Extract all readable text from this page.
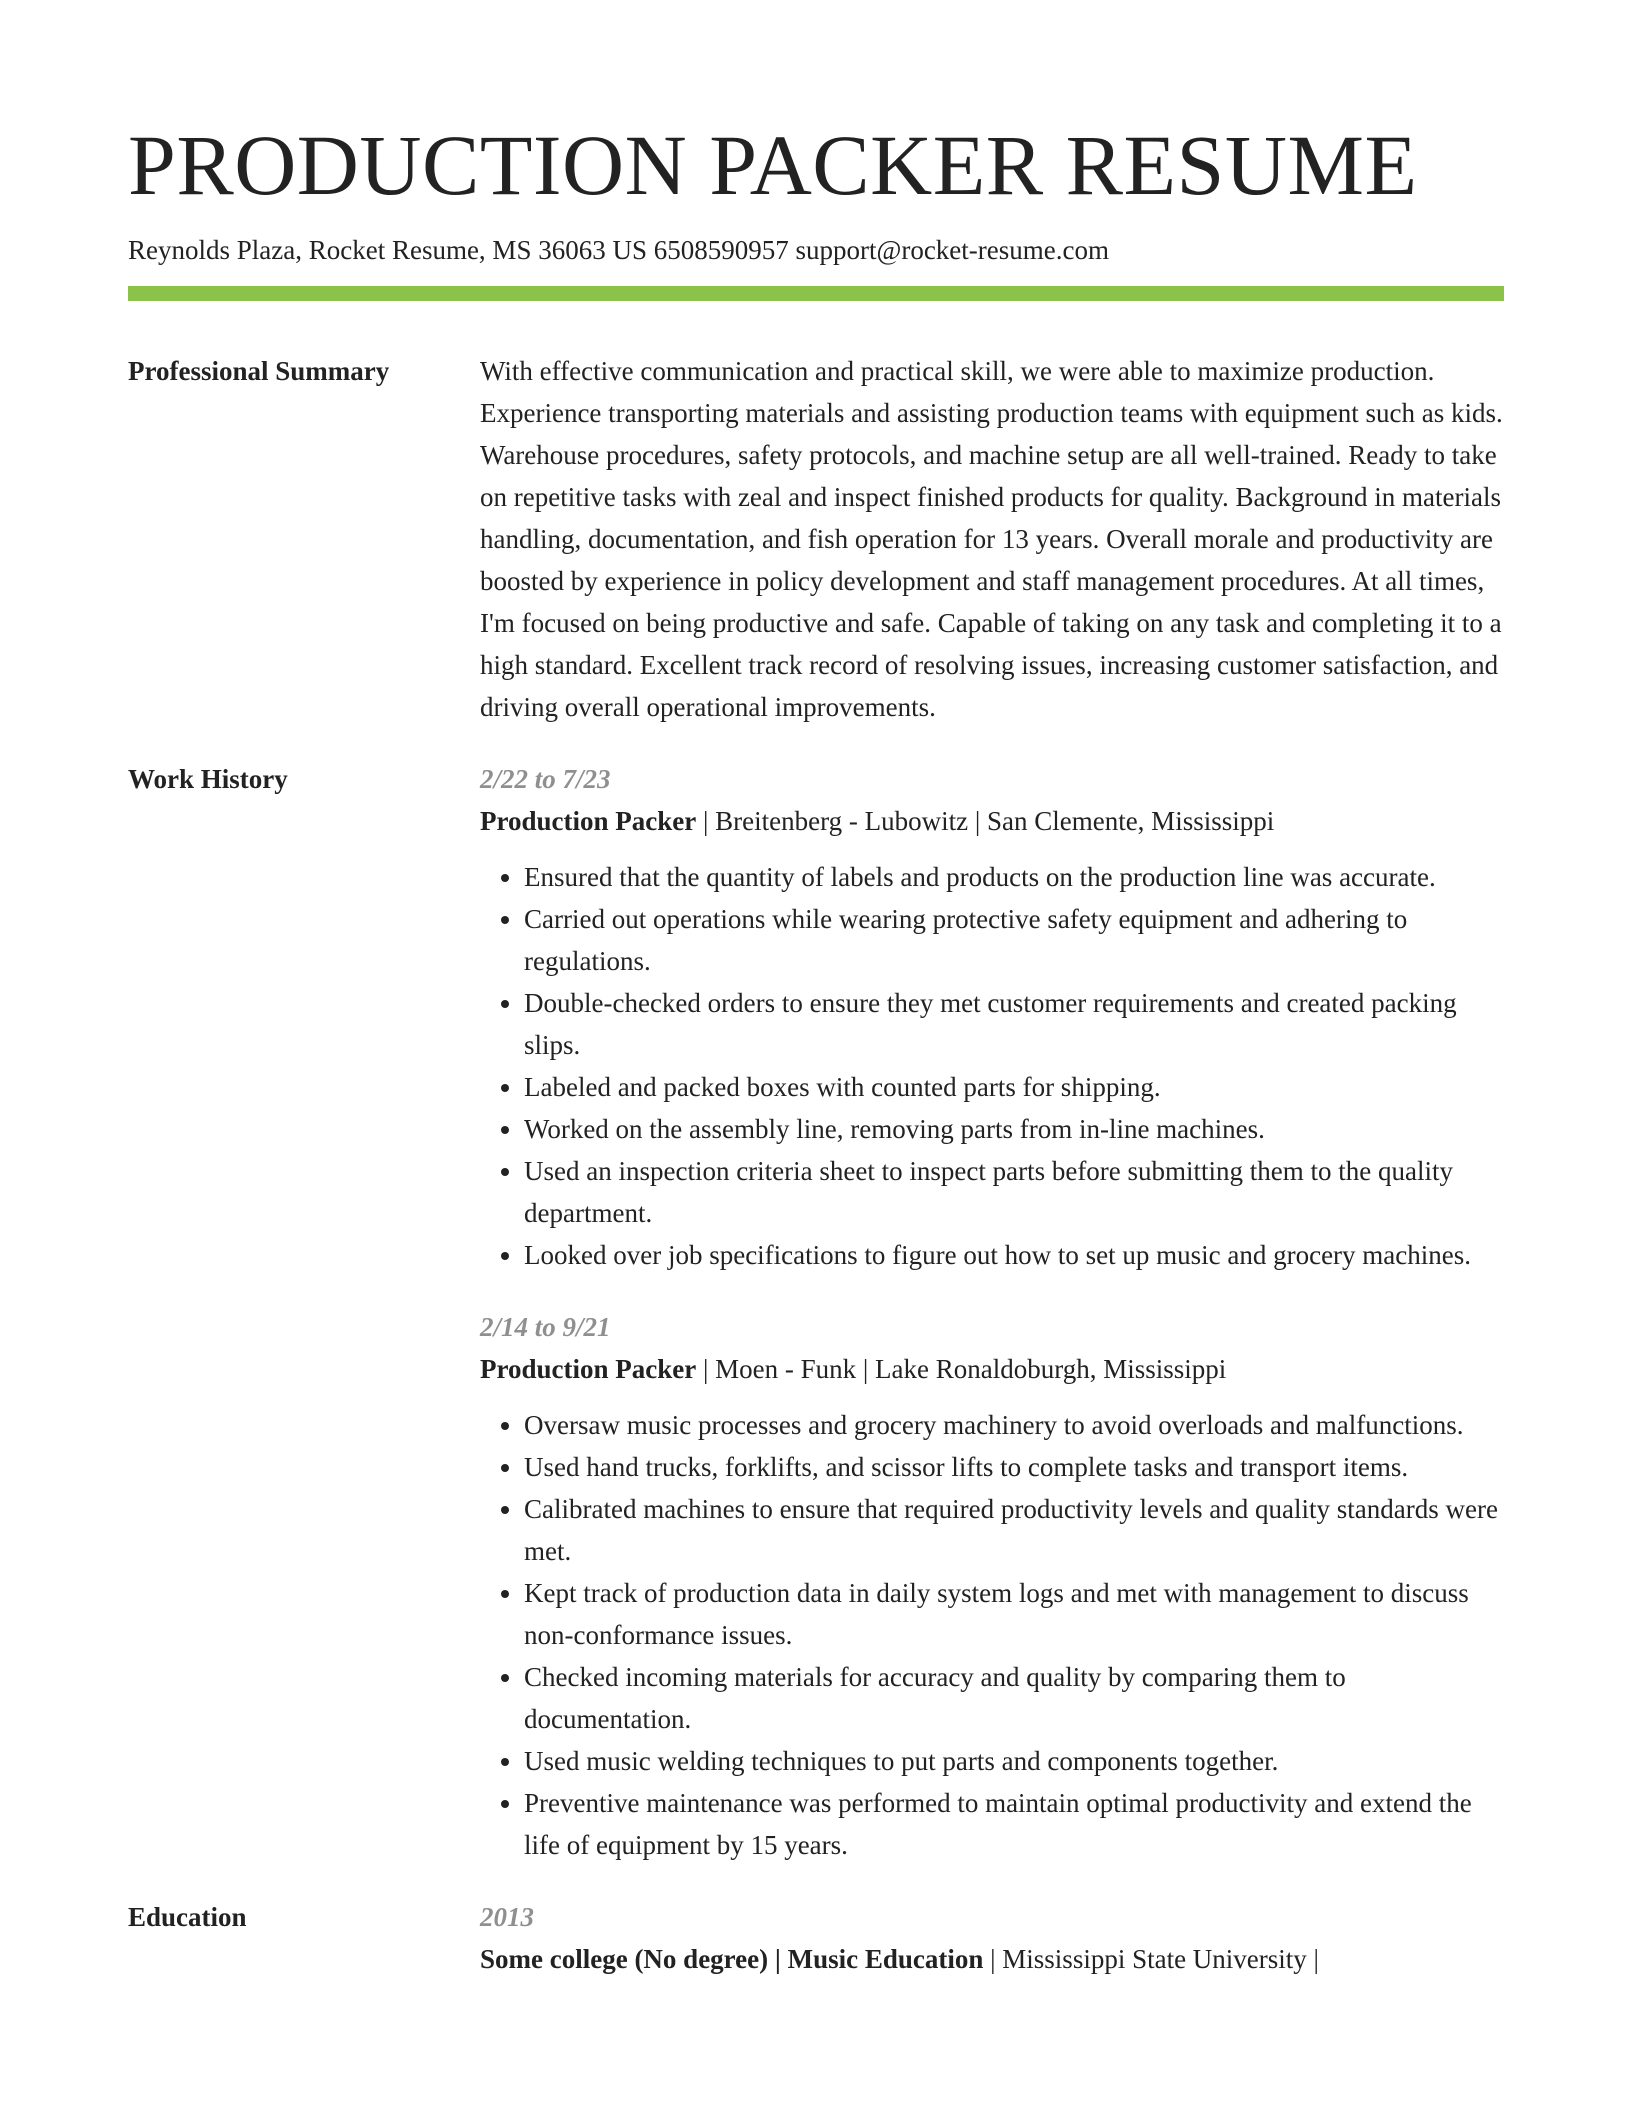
PRODUCTION PACKER RESUME
Reynolds Plaza, Rocket Resume, MS 36063 US 6508590957 support@rocket-resume.com
Professional Summary	With effective communication and practical skill, we were able to maximize production. Experience transporting materials and assisting production teams with equipment such as kids. Warehouse procedures, safety protocols, and machine setup are all well-trained. Ready to take on repetitive tasks with zeal and inspect finished products for quality. Background in materials handling, documentation, and fish operation for 13 years. Overall morale and productivity are boosted by experience in policy development and staff management procedures. At all times, I'm focused on being productive and safe. Capable of taking on any task and completing it to a high standard. Excellent track record of resolving issues, increasing customer satisfaction, and driving overall operational improvements.

Work History	2/22 to 7/23
Production Packer | Breitenberg - Lubowitz | San Clemente, Mississippi
• Ensured that the quantity of labels and products on the production line was accurate.
• Carried out operations while wearing protective safety equipment and adhering to regulations.
• Double-checked orders to ensure they met customer requirements and created packing slips.
• Labeled and packed boxes with counted parts for shipping.
• Worked on the assembly line, removing parts from in-line machines.
• Used an inspection criteria sheet to inspect parts before submitting them to the quality department.
• Looked over job specifications to figure out how to set up music and grocery machines.
2/14 to 9/21
Production Packer | Moen - Funk | Lake Ronaldoburgh, Mississippi
• Oversaw music processes and grocery machinery to avoid overloads and malfunctions.
• Used hand trucks, forklifts, and scissor lifts to complete tasks and transport items.
• Calibrated machines to ensure that required productivity levels and quality standards were met.
• Kept track of production data in daily system logs and met with management to discuss non-conformance issues.
• Checked incoming materials for accuracy and quality by comparing them to documentation.
• Used music welding techniques to put parts and components together.
• Preventive maintenance was performed to maintain optimal productivity and extend the life of equipment by 15 years.
Education	2013
Some college (No degree) | Music Education | Mississippi State University |
